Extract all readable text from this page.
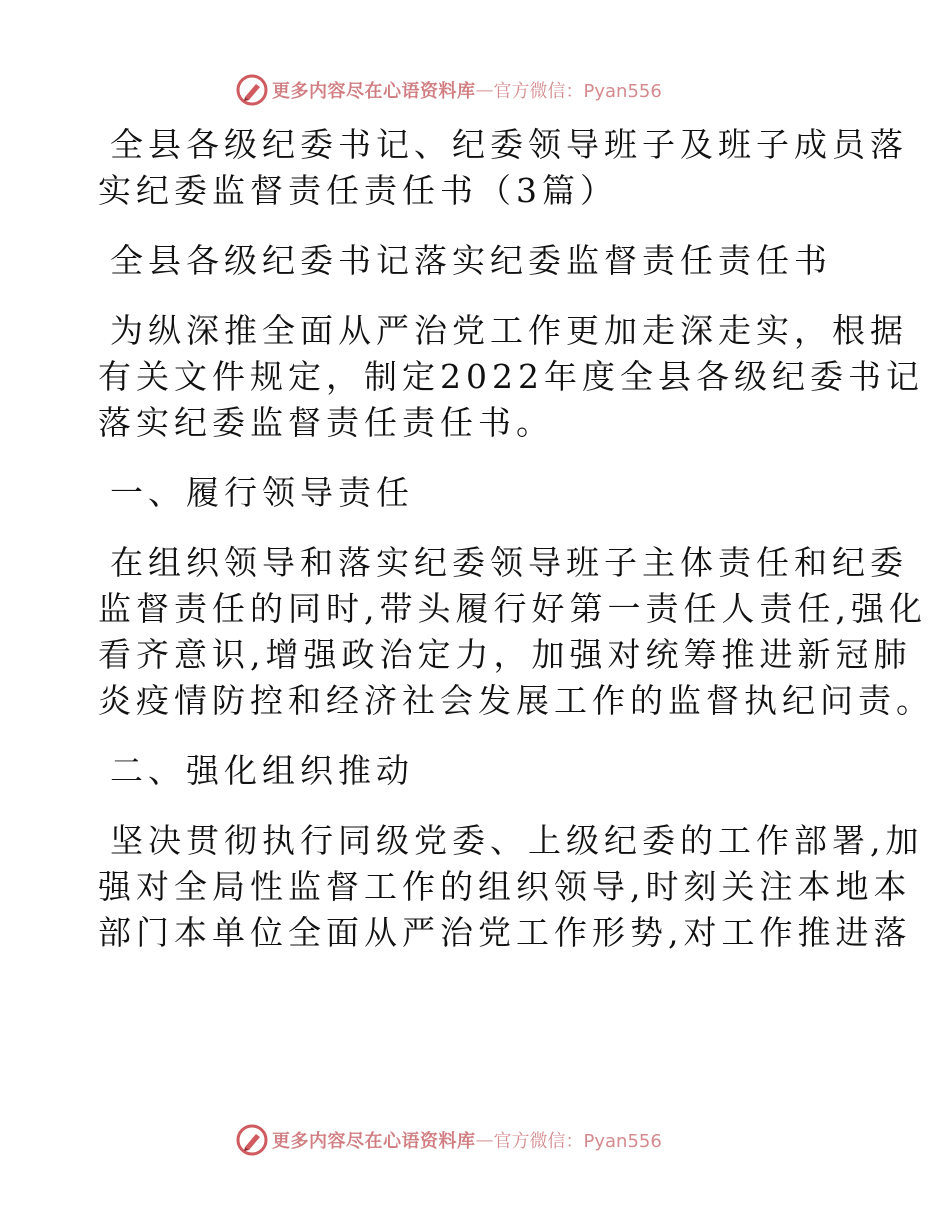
更多内容尽在心语资料库 — 官方微信：Pyan556
全县各级纪委书记、纪委领导班子及班子成员落
实纪委监督责任责任书（3篇）
全县各级纪委书记落实纪委监督责任责任书
为纵深推全面从严治党工作更加走深走实，根据
有关文件规定，制定2022年度全县各级纪委书记
落实纪委监督责任责任书。
一、履行领导责任
在组织领导和落实纪委领导班子主体责任和纪委
监督责任的同时,带头履行好第一责任人责任,强化
看齐意识,增强政治定力，加强对统筹推进新冠肺
炎疫情防控和经济社会发展工作的监督执纪问责。
二、强化组织推动
坚决贯彻执行同级党委、上级纪委的工作部署,加
强对全局性监督工作的组织领导,时刻关注本地本
部门本单位全面从严治党工作形势,对工作推进落
更多内容尽在心语资料库 — 官方微信：Pyan556
